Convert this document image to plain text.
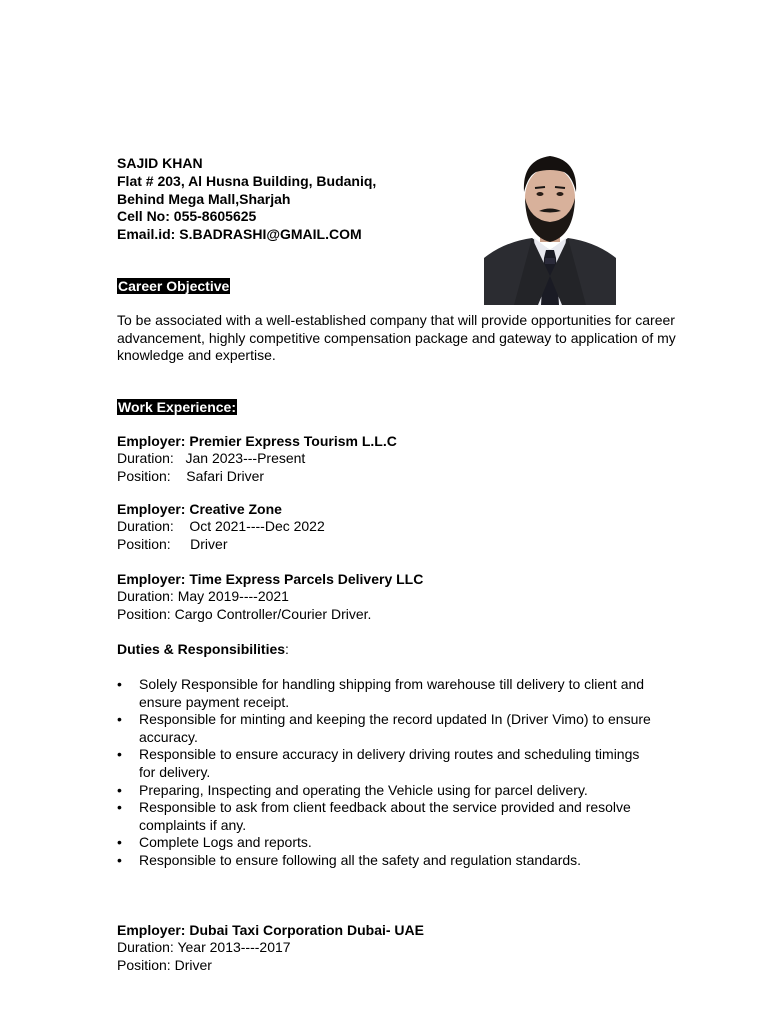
SAJID KHAN
Flat # 203, Al Husna Building, Budaniq,
Behind Mega Mall,Sharjah
Cell No: 055-8605625
Email.id: S.BADRASHI@GMAIL.COM
Career Objective
To be associated with a well-established company that will provide opportunities for career advancement, highly competitive compensation package and gateway to application of my knowledge and expertise.
Work Experience:
Employer: Premier Express Tourism L.L.C
Duration:   Jan 2023---Present
Position:    Safari Driver
Employer: Creative Zone
Duration:    Oct 2021----Dec 2022
Position:     Driver
Employer: Time Express Parcels Delivery LLC
Duration: May 2019----2021
Position: Cargo Controller/Courier Driver.
Duties & Responsibilities:
• Solely Responsible for handling shipping from warehouse till delivery to client and ensure payment receipt.
• Responsible for minting and keeping the record updated In (Driver Vimo) to ensure accuracy.
• Responsible to ensure accuracy in delivery driving routes and scheduling timings for delivery.
• Preparing, Inspecting and operating the Vehicle using for parcel delivery.
• Responsible to ask from client feedback about the service provided and resolve complaints if any.
• Complete Logs and reports.
• Responsible to ensure following all the safety and regulation standards.
Employer: Dubai Taxi Corporation Dubai- UAE
Duration: Year 2013----2017
Position: Driver
